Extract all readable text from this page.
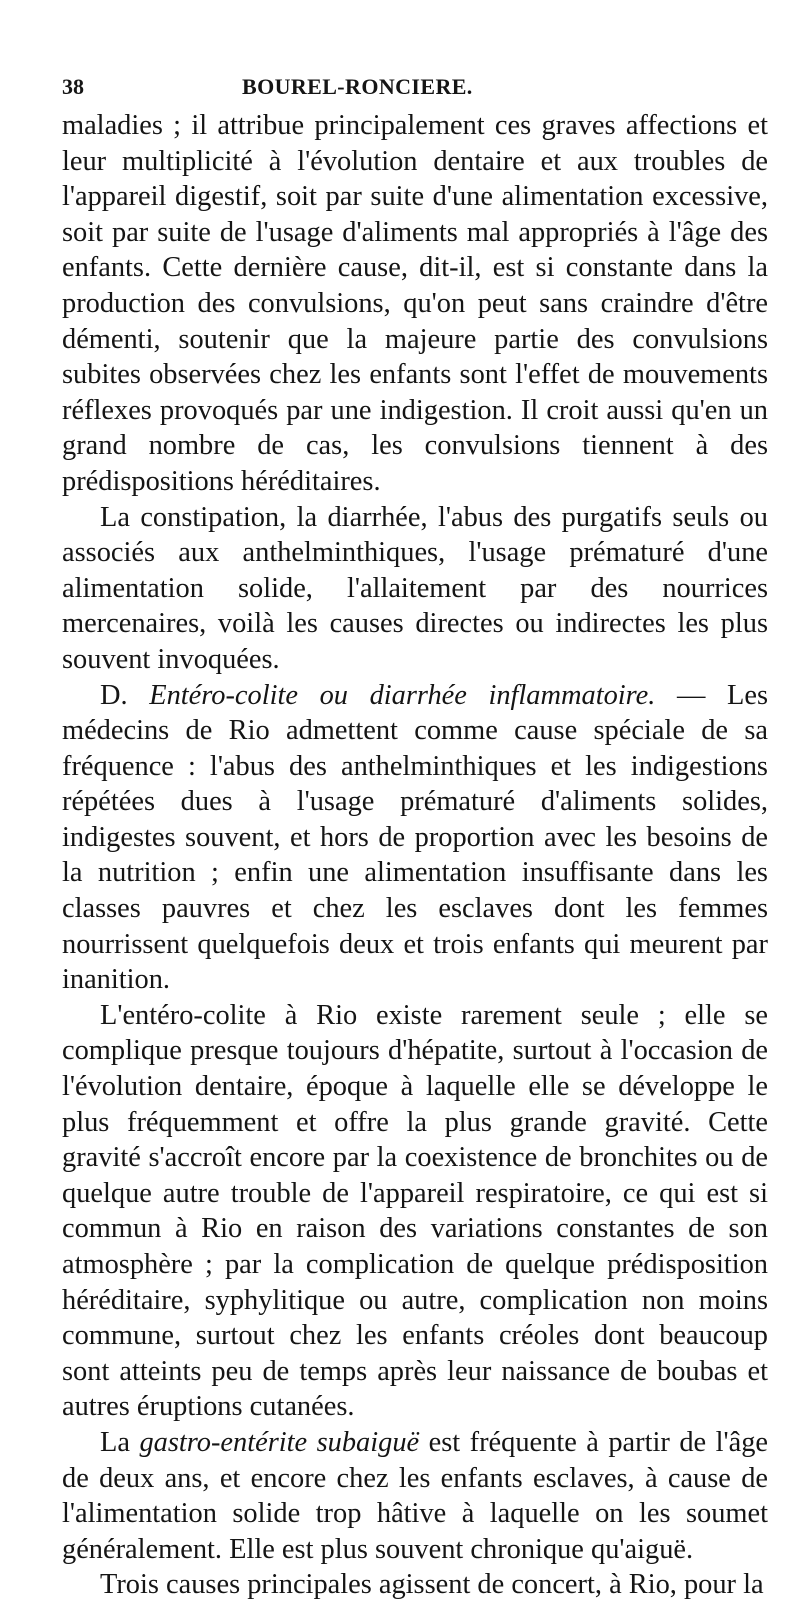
38	BOUREL-RONCIERE.

maladies ; il attribue principalement ces graves affections et leur multiplicité à l'évolution dentaire et aux troubles de l'appareil digestif, soit par suite d'une alimentation excessive, soit par suite de l'usage d'aliments mal appropriés à l'âge des enfants. Cette dernière cause, dit-il, est si constante dans la production des convulsions, qu'on peut sans craindre d'être démenti, soutenir que la majeure partie des convulsions subites observées chez les enfants sont l'effet de mouvements réflexes provoqués par une indigestion. Il croit aussi qu'en un grand nombre de cas, les convulsions tiennent à des prédispositions héréditaires.

La constipation, la diarrhée, l'abus des purgatifs seuls ou associés aux anthelminthiques, l'usage prématuré d'une alimentation solide, l'allaitement par des nourrices mercenaires, voilà les causes directes ou indirectes les plus souvent invoquées.

D. Entéro-colite ou diarrhée inflammatoire. — Les médecins de Rio admettent comme cause spéciale de sa fréquence : l'abus des anthelminthiques et les indigestions répétées dues à l'usage prématuré d'aliments solides, indigestes souvent, et hors de proportion avec les besoins de la nutrition ; enfin une alimentation insuffisante dans les classes pauvres et chez les esclaves dont les femmes nourrissent quelquefois deux et trois enfants qui meurent par inanition.

L'entéro-colite à Rio existe rarement seule ; elle se complique presque toujours d'hépatite, surtout à l'occasion de l'évolution dentaire, époque à laquelle elle se développe le plus fréquemment et offre la plus grande gravité. Cette gravité s'accroît encore par la coexistence de bronchites ou de quelque autre trouble de l'appareil respiratoire, ce qui est si commun à Rio en raison des variations constantes de son atmosphère ; par la complication de quelque prédisposition héréditaire, syphylitique ou autre, complication non moins commune, surtout chez les enfants créoles dont beaucoup sont atteints peu de temps après leur naissance de boubas et autres éruptions cutanées.

La gastro-entérite subaiguë est fréquente à partir de l'âge de deux ans, et encore chez les enfants esclaves, à cause de l'alimentation solide trop hâtive à laquelle on les soumet généralement. Elle est plus souvent chronique qu'aiguë.

Trois causes principales agissent de concert, à Rio, pour la
